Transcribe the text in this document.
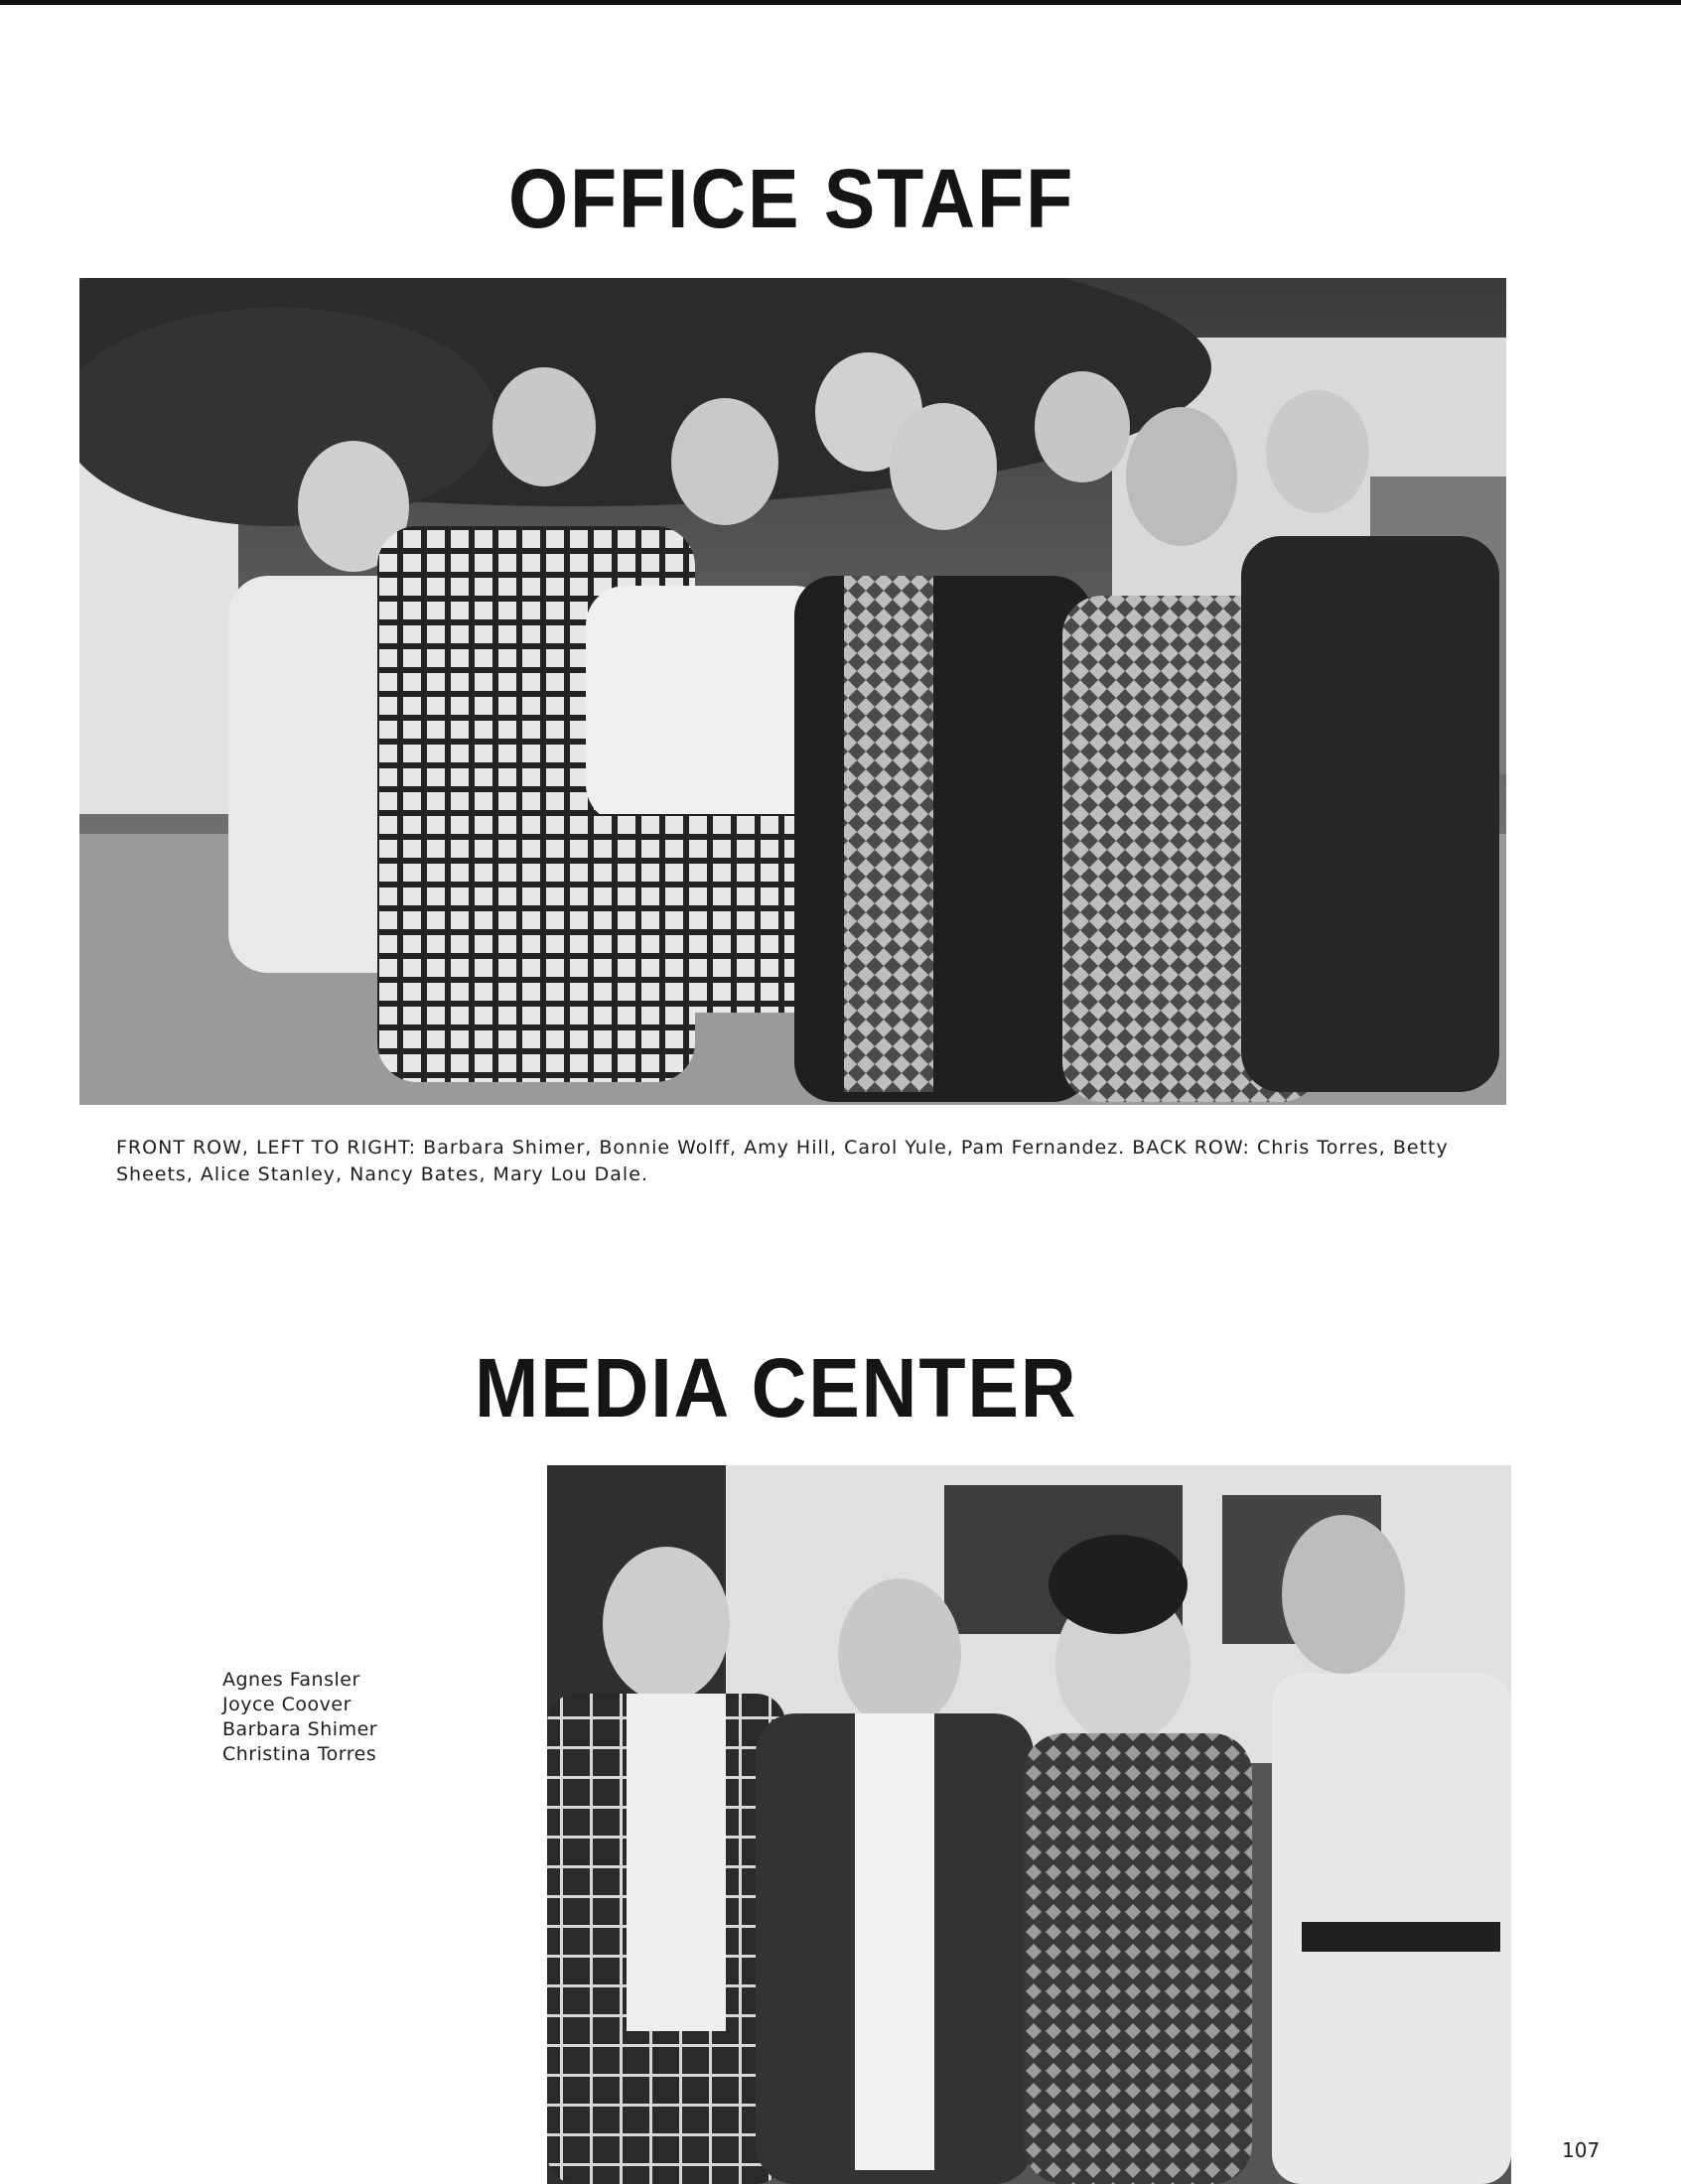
OFFICE STAFF

FRONT ROW, LEFT TO RIGHT: Barbara Shimer, Bonnie Wolff, Amy Hill, Carol Yule, Pam Fernandez. BACK ROW: Chris Torres, Betty Sheets, Alice Stanley, Nancy Bates, Mary Lou Dale.

MEDIA CENTER
Agnes Fansler
Joyce Coover
Barbara Shimer
Christina Torres
107
